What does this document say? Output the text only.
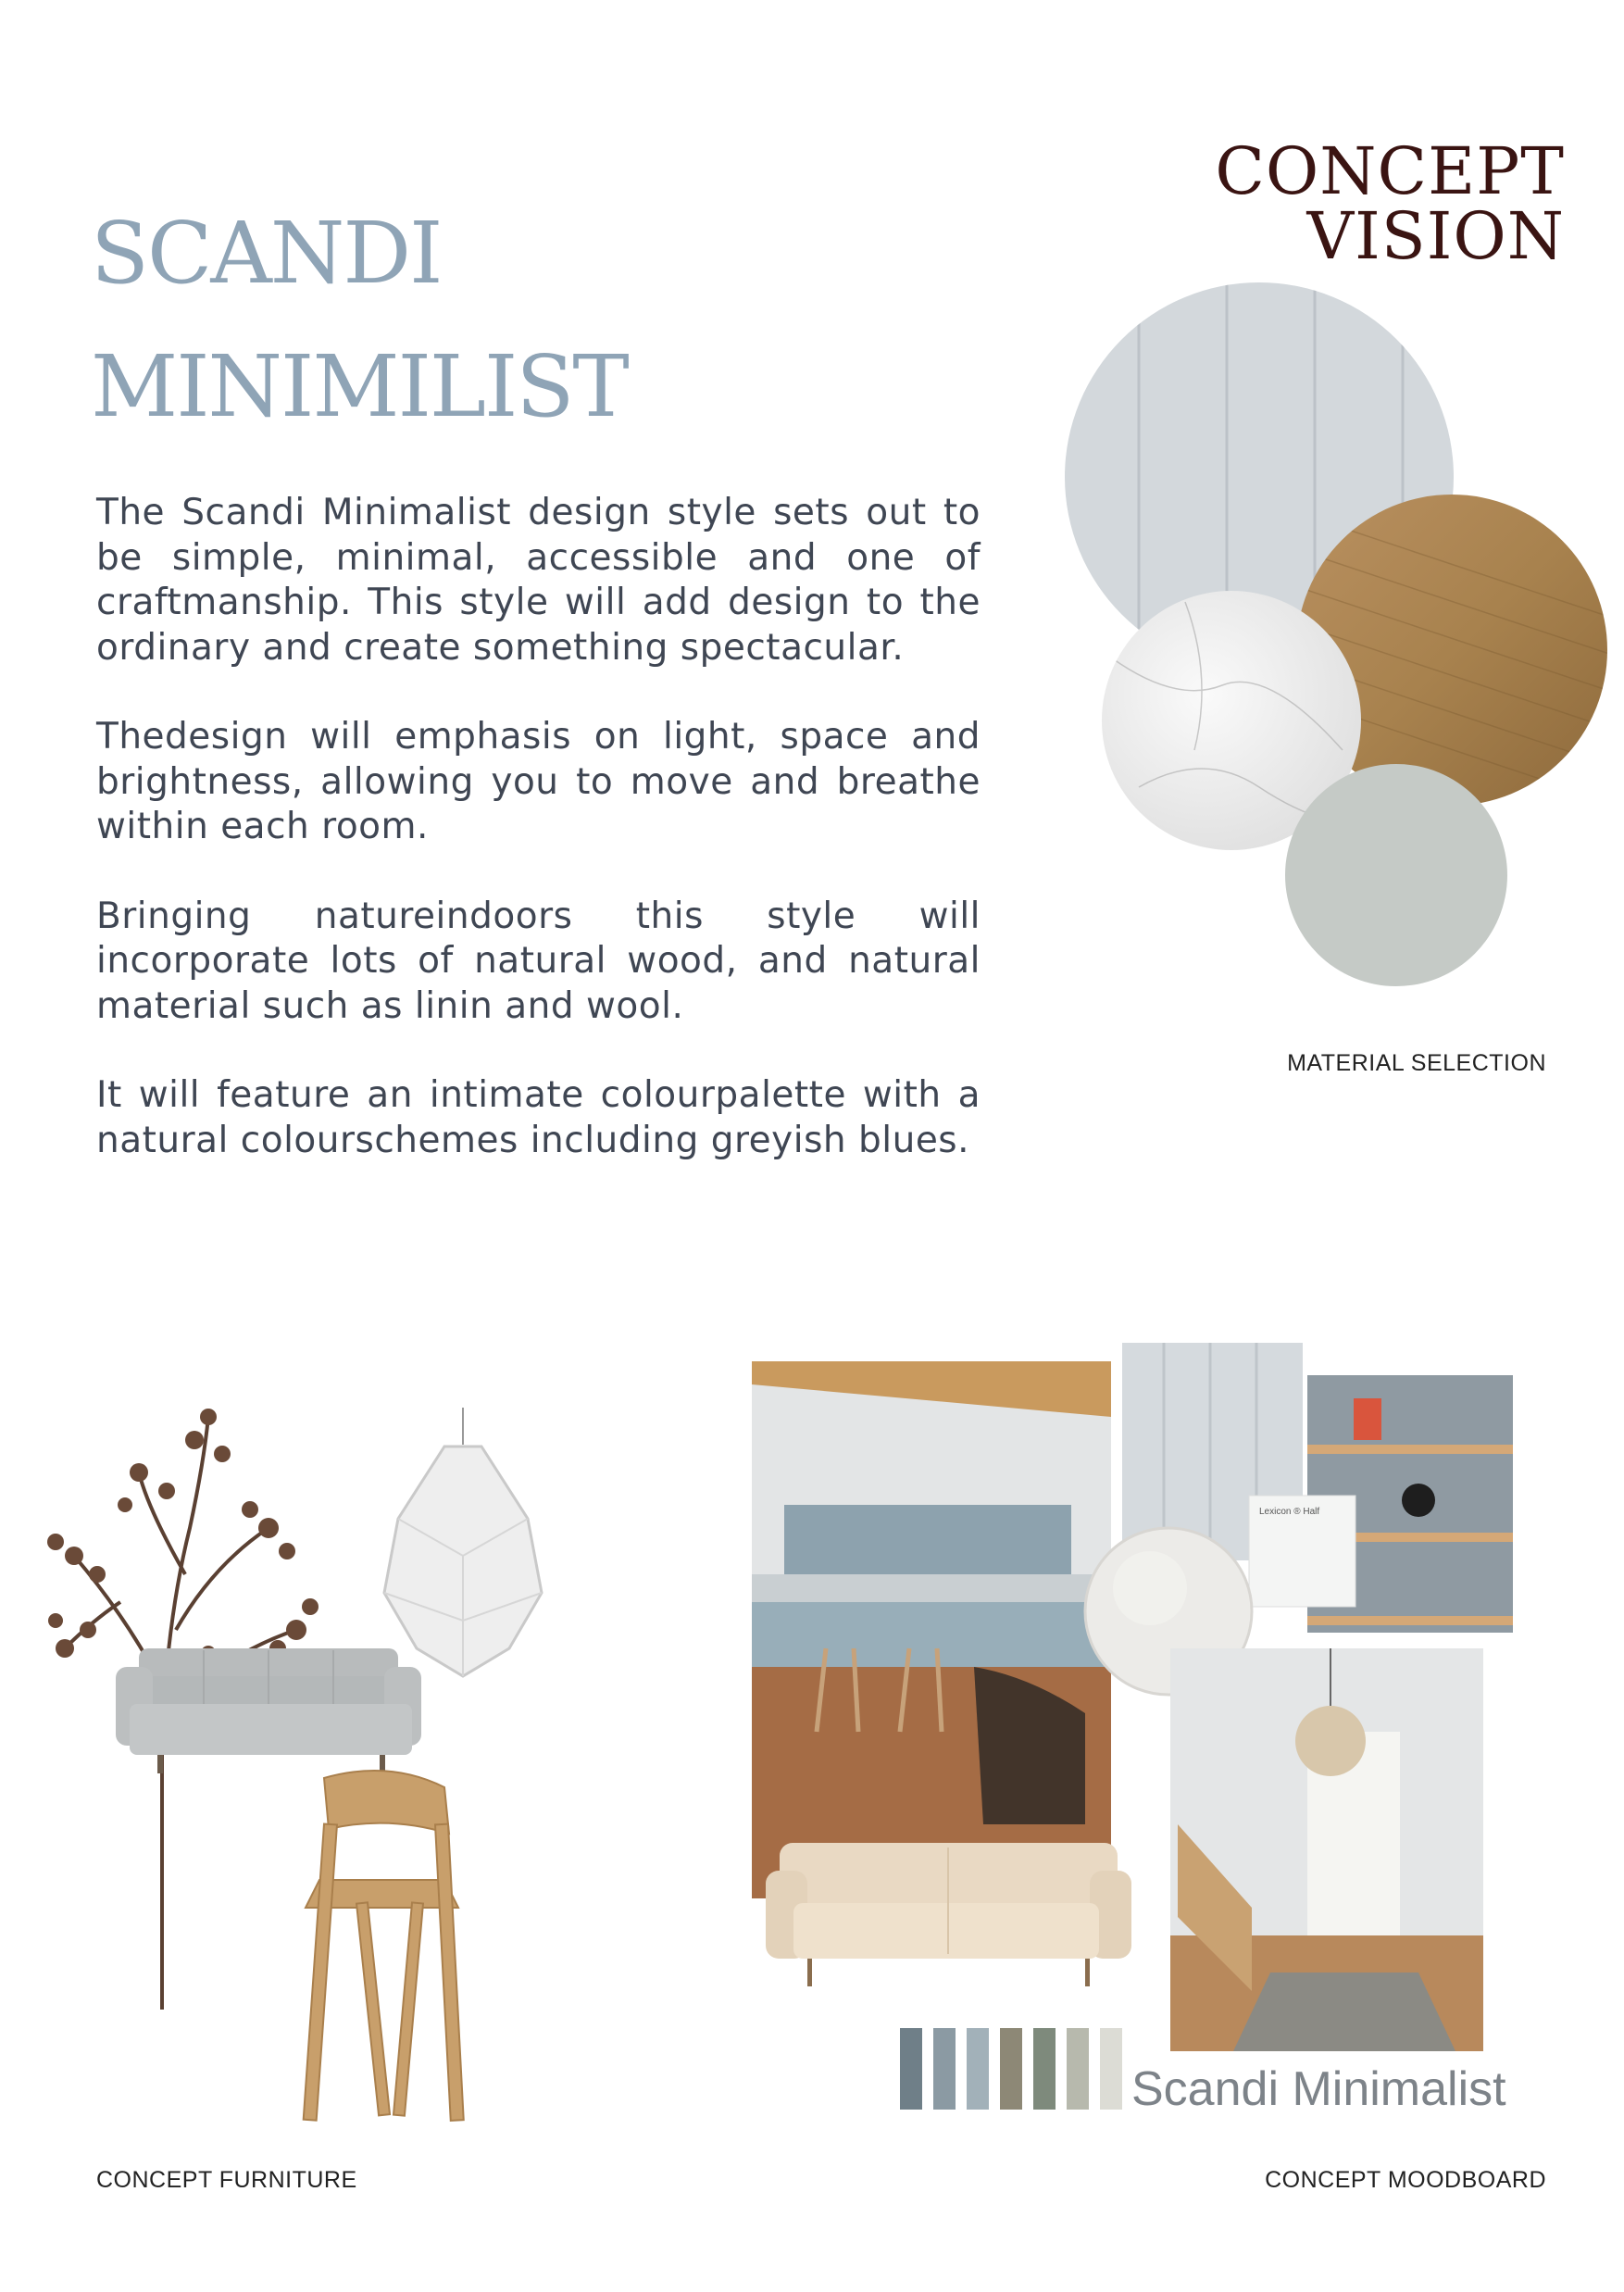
CONCEPT VISION
SCANDI
MINIMILIST

The Scandi Minimalist design style sets out to be simple, minimal, accessible and one of craftmanship. This style will add design to the ordinary and create something spectacular.

Thedesign will emphasis on light, space and brightness, allowing you to move and breathe within each room.

Bringing natureindoors this style will incorporate lots of natural wood, and natural material such as linin and wool.

It will feature an intimate colourpalette with a natural colourschemes including greyish blues.

MATERIAL SELECTION
CONCEPT FURNITURE
Lexicon ® Half
Scandi Minimalist
CONCEPT MOODBOARD
